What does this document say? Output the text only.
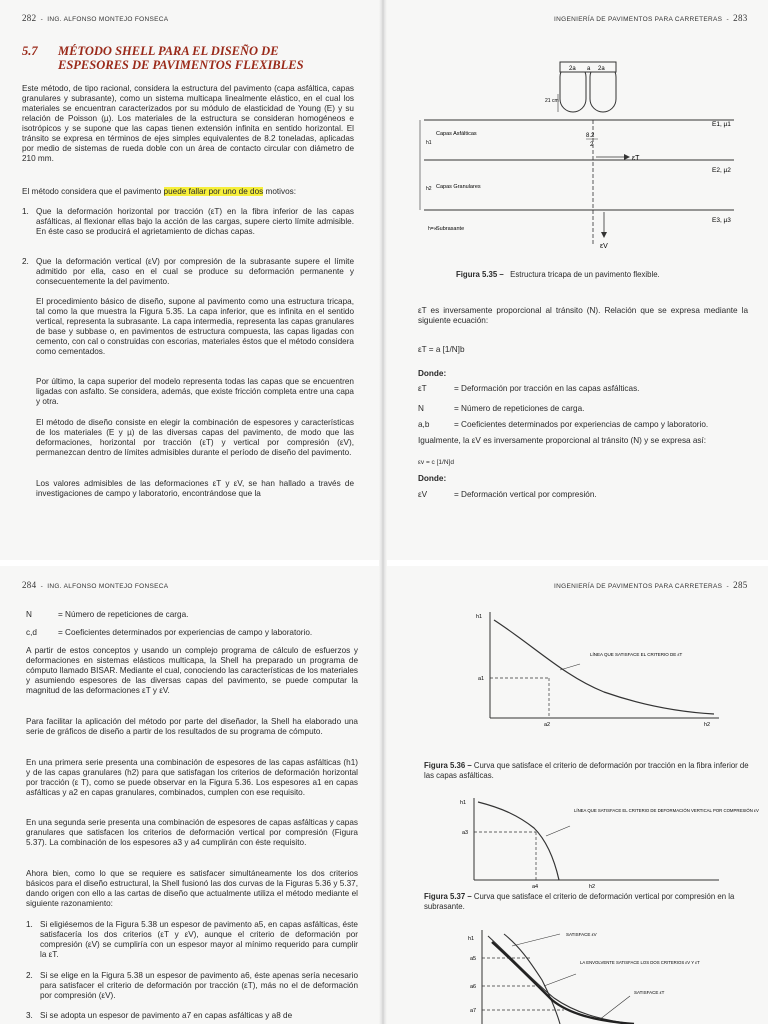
282  -  ING. ALFONSO MONTEJO FONSECA
5.7	MÉTODO SHELL PARA EL DISEÑO DE ESPESORES DE PAVIMENTOS FLEXIBLES
Este método, de tipo racional, considera la estructura del pavimento (capa asfáltica, capas granulares y subrasante), como un sistema multicapa linealmente elástico, en el cual los materiales se encuentran caracterizados por su módulo de elasticidad de Young (E) y su relación de Poisson (µ). Los materiales de la estructura se consideran homogéneos e isotrópicos y se supone que las capas tienen extensión infinita en sentido horizontal. El tránsito se expresa en términos de ejes simples equivalentes de 8.2 toneladas, aplicadas por medio de sistemas de rueda doble con un área de contacto circular con diámetro de 210 mm.
El método considera que el pavimento puede fallar por uno de dos motivos:
1. Que la deformación horizontal por tracción (εT) en la fibra inferior de las capas asfálticas, al flexionar ellas bajo la acción de las cargas, supere cierto límite admisible. En éste caso se producirá el agrietamiento de dichas capas.
2. Que la deformación vertical (εV) por compresión de la subrasante supere el límite admitido por ella, caso en el cual se produce su deformación permanente y consecuentemente la del pavimento.
El procedimiento básico de diseño, supone al pavimento como una estructura tricapa, tal como la que muestra la Figura 5.35. La capa inferior, que es infinita en el sentido vertical, representa la subrasante. La capa intermedia, representa las capas granulares de base y subbase o, en pavimentos de estructura compuesta, las capas ligadas con cemento, con cal o construidas con escorias, materiales éstos que el método considera como cementados.
Por último, la capa superior del modelo representa todas las capas que se encuentren ligadas con asfalto. Se considera, además, que existe fricción completa entre una capa y otra.
El método de diseño consiste en elegir la combinación de espesores y características de los materiales (E y µ) de las diversas capas del pavimento, de modo que las deformaciones, horizontal por tracción (εT) y vertical por compresión (εV), permanezcan dentro de límites admisibles durante el período de diseño del pavimento.
Los valores admisibles de las deformaciones εT y εV, se han hallado a través de investigaciones de campo y laboratorio, encontrándose que la
INGENIERÍA DE PAVIMENTOS PARA CARRETERAS  -  283
2a a 2a
21 cm
h1
h2
Capas Asfálticas
Capas Granulares
Subrasante
h=∞
8.2
2
εT
εV
E1, µ1
E2, µ2
E3, µ3
Figura 5.35 – Estructura tricapa de un pavimento flexible.
εT es inversamente proporcional al tránsito (N). Relación que se expresa mediante la siguiente ecuación:
εT = a [1/N]b
Donde:
εT	= Deformación por tracción en las capas asfálticas.
N	= Número de repeticiones de carga.
a,b	= Coeficientes determinados por experiencias de campo y laboratorio.
Igualmente, la εV es inversamente proporcional al tránsito (N) y se expresa así:
εv = c [1/N]d
Donde:
εV	= Deformación vertical por compresión.
284  -  ING. ALFONSO MONTEJO FONSECA
N	= Número de repeticiones de carga.
c,d	= Coeficientes determinados por experiencias de campo y laboratorio.
A partir de estos conceptos y usando un complejo programa de cálculo de esfuerzos y deformaciones en sistemas elásticos multicapa, la Shell ha preparado un programa de cómputo llamado BISAR. Mediante el cual, conociendo las características de los materiales y asumiendo espesores de las diversas capas del pavimento, se puede computar la magnitud de las deformaciones εT y εV.
Para facilitar la aplicación del método por parte del diseñador, la Shell ha elaborado una serie de gráficos de diseño a partir de los resultados de su programa de cómputo.
En una primera serie presenta una combinación de espesores de las capas asfálticas (h1) y de las capas granulares (h2) para que satisfagan los criterios de deformación horizontal por tracción (ε T), como se puede observar en la Figura 5.36. Los espesores a1 en capas asfálticas y a2 en capas granulares, combinados, cumplen con ese requisito.
En una segunda serie presenta una combinación de espesores de capas asfálticas y capas granulares que satisfacen los criterios de deformación vertical por compresión (Figura 5.37). La combinación de los espesores a3 y a4 cumplirán con éste requisito.
Ahora bien, como lo que se requiere es satisfacer simultáneamente los dos criterios básicos para el diseño estructural, la Shell fusionó las dos curvas de la Figuras 5.36 y 5.37, dando origen con ello a las cartas de diseño que actualmente utiliza el método mediante el siguiente razonamiento:
1. Si eligiésemos de la Figura 5.38 un espesor de pavimento a5, en capas asfálticas, éste satisfacería los dos criterios (εT y εV), aunque el criterio de deformación por compresión (εV) se cumpliría con un espesor mayor al mínimo requerido para cumplir la εT.
2. Si se elige en la Figura 5.38 un espesor de pavimento a6, éste apenas sería necesario para satisfacer el criterio de deformación por tracción (εT), más no el de deformación por compresión (εV).
3. Si se adopta un espesor de pavimento a7 en capas asfálticas y a8 de
INGENIERÍA DE PAVIMENTOS PARA CARRETERAS  -  285
h1
h2
a1
a2
LÍNEA QUE SATISFACE EL CRITERIO DE εT
Figura 5.36 – Curva que satisface el criterio de deformación por tracción en la fibra inferior de las capas asfálticas.
h1
h2
a3
a4
LÍNEA QUE SATISFACE EL CRITERIO DE DEFORMACIÓN VERTICAL POR COMPRESIÓN εV
Figura 5.37 – Curva que satisface el criterio de deformación vertical por compresión en la subrasante.
h1
a5
a6
a7
SATISFACE εV
LA ENVOLVENTE SATISFACE LOS DOS CRITERIOS εV Y εT
SATISFACE εT
